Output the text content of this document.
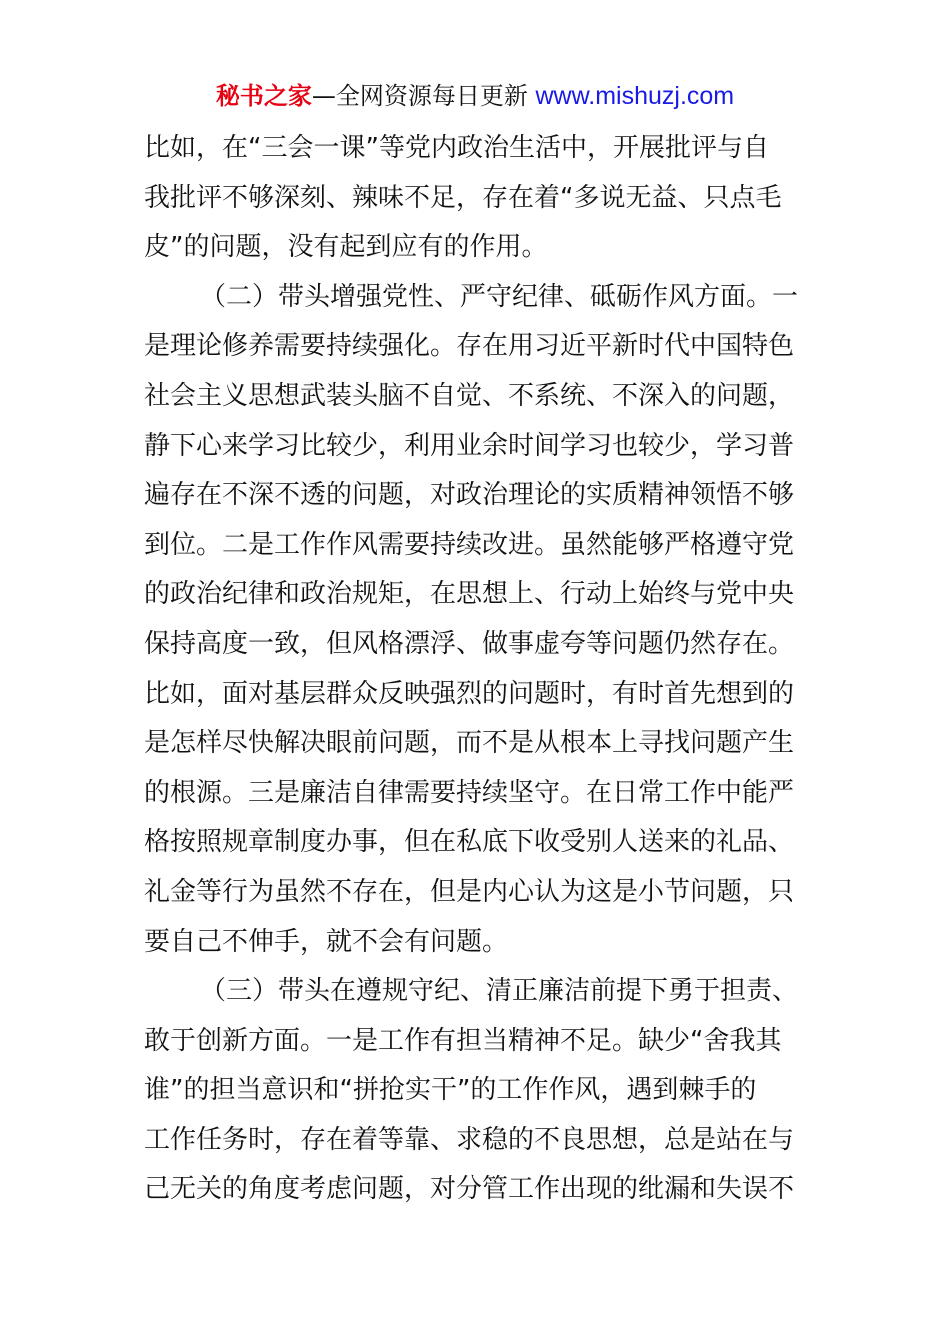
秘书之家—全网资源每日更新 www.mishuzj.com
比如，在“三会一课”等党内政治生活中，开展批评与自
我批评不够深刻、辣味不足，存在着“多说无益、只点毛
皮”的问题，没有起到应有的作用。
（二）带头增强党性、严守纪律、砥砺作风方面。一
是理论修养需要持续强化。存在用习近平新时代中国特色
社会主义思想武装头脑不自觉、不系统、不深入的问题，
静下心来学习比较少，利用业余时间学习也较少，学习普
遍存在不深不透的问题，对政治理论的实质精神领悟不够
到位。二是工作作风需要持续改进。虽然能够严格遵守党
的政治纪律和政治规矩，在思想上、行动上始终与党中央
保持高度一致，但风格漂浮、做事虚夸等问题仍然存在。
比如，面对基层群众反映强烈的问题时，有时首先想到的
是怎样尽快解决眼前问题，而不是从根本上寻找问题产生
的根源。三是廉洁自律需要持续坚守。在日常工作中能严
格按照规章制度办事，但在私底下收受别人送来的礼品、
礼金等行为虽然不存在，但是内心认为这是小节问题，只
要自己不伸手，就不会有问题。
（三）带头在遵规守纪、清正廉洁前提下勇于担责、
敢于创新方面。一是工作有担当精神不足。缺少“舍我其
谁”的担当意识和“拼抢实干”的工作作风，遇到棘手的
工作任务时，存在着等靠、求稳的不良思想，总是站在与
己无关的角度考虑问题，对分管工作出现的纰漏和失误不
